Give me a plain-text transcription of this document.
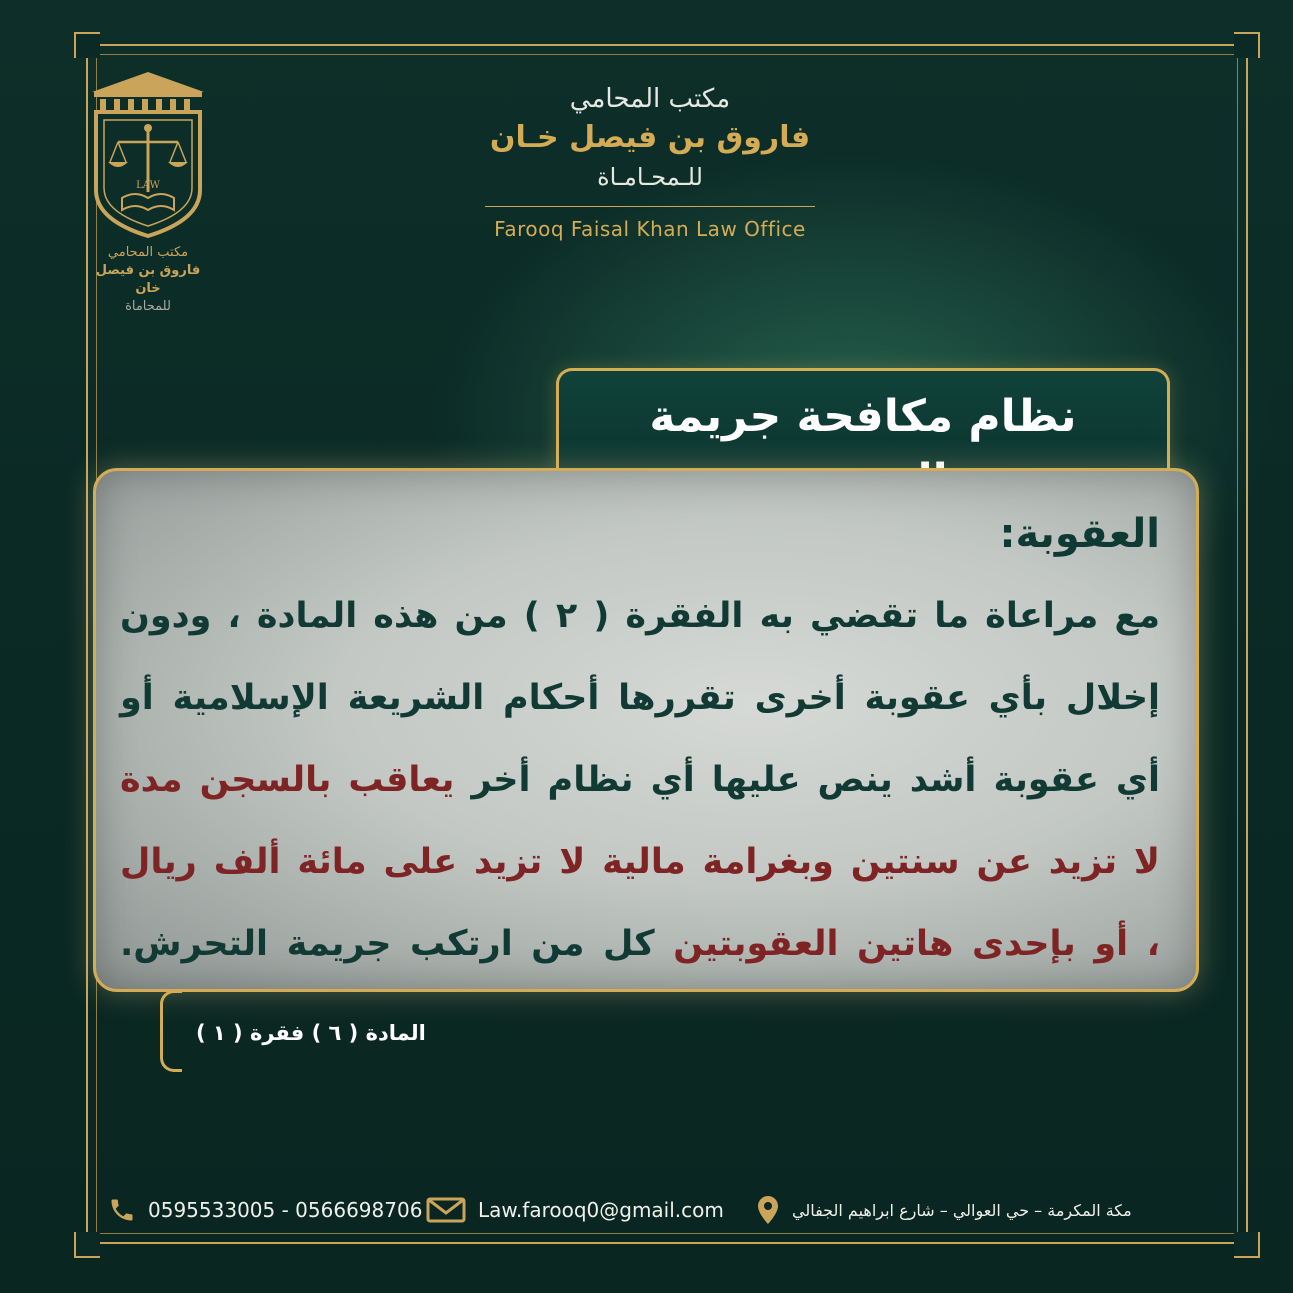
LAW
مكتب المحامي
فاروق بن فيصل خان
للمحاماة
مكتب المحامي
فاروق بن فيصل خـان
للـمحـامـاة
Farooq Faisal Khan Law Office
نظام مكافحة جريمة
العقوبة:
مع مراعاة ما تقضي به الفقرة ( ٢ ) من هذه المادة ، ودون
إخلال بأي عقوبة أخرى تقررها أحكام الشريعة الإسلامية أو
أي عقوبة أشد ينص عليها أي نظام أخر يعاقب بالسجن مدة
لا تزيد عن سنتين وبغرامة مالية لا تزيد على مائة ألف ريال
، أو بإحدى هاتين العقوبتين كل من ارتكب جريمة التحرش.
المادة ( ٦ ) فقرة ( ١ )
0595533005 - 0566698706	Law.farooq0@gmail.com	مكة المكرمة – حي العوالي – شارع ابراهيم الجفالي
